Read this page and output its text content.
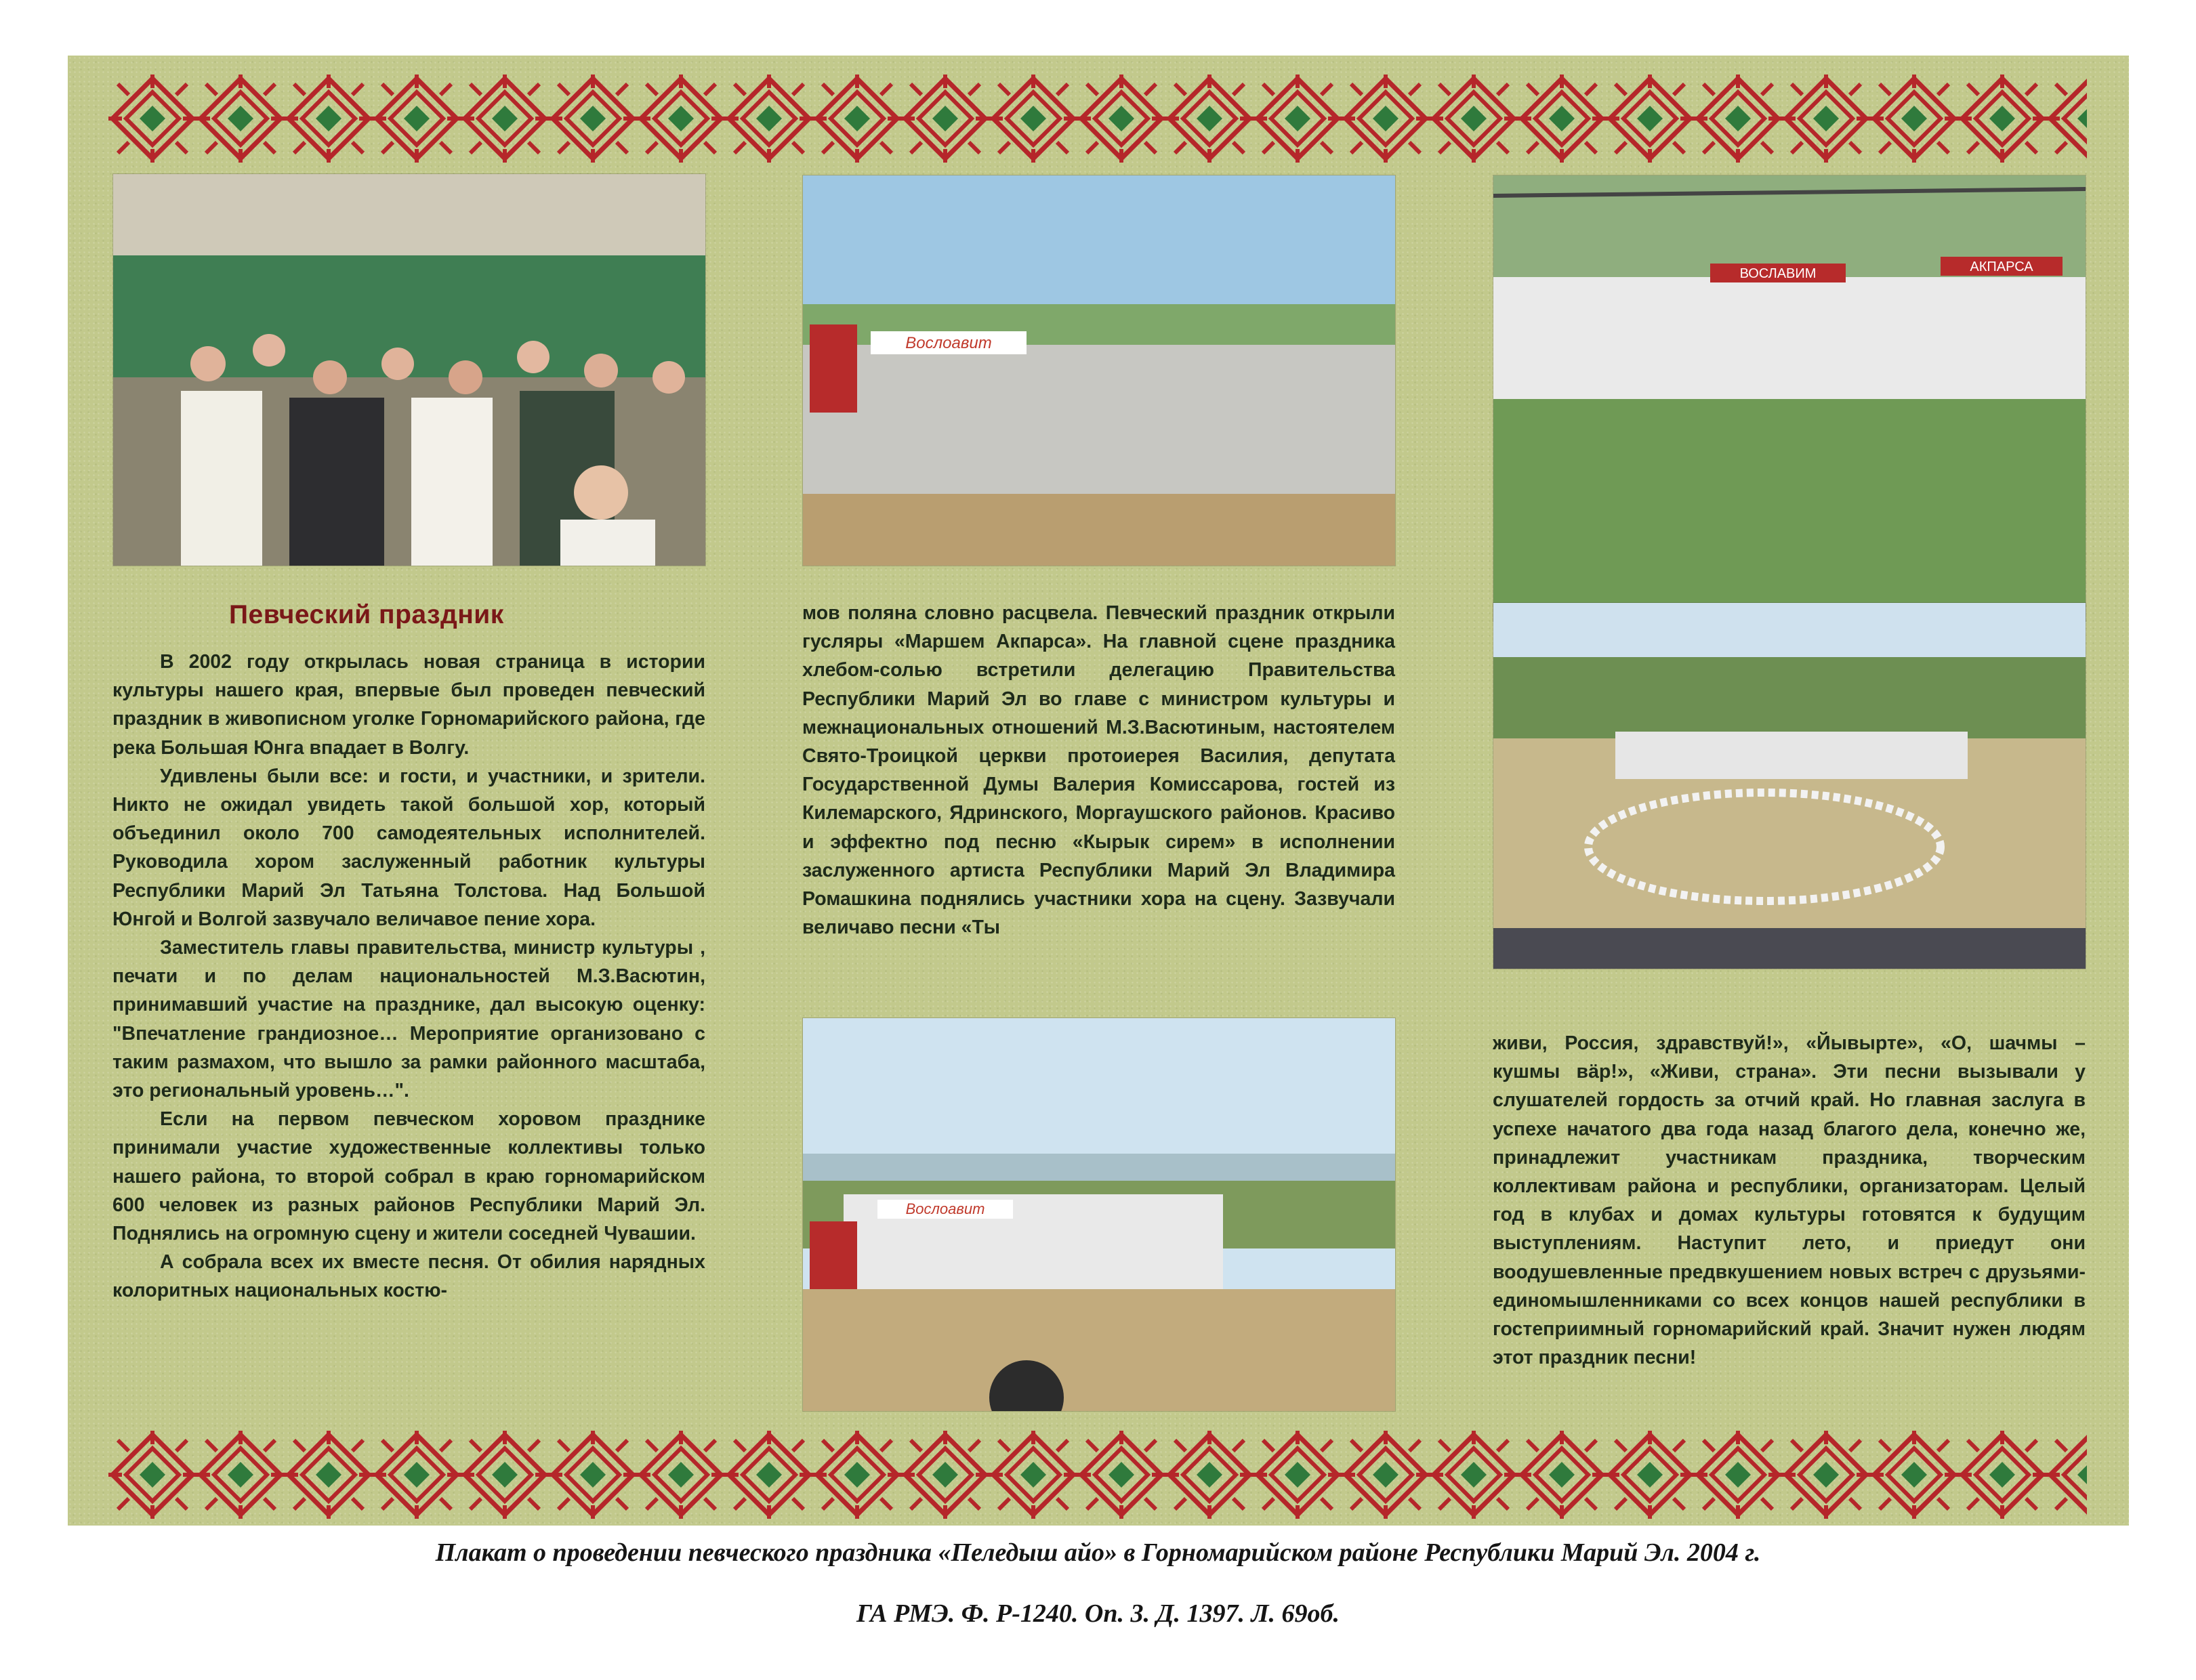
Вослоавит
ВОСЛАВИМ	АКПАРСА
Вослоавит
Певческий праздник

В 2002 году открылась новая страница в истории культуры нашего края, впервые был проведен певческий праздник в живописном уголке Горномарийского района, где река Большая Юнга впадает в Волгу.

Удивлены были все: и гости, и участники, и зрители. Никто не ожидал увидеть такой большой хор, который объединил около 700 самодеятельных исполнителей. Руководила хором заслуженный работник культуры Республики Марий Эл Татьяна Толстова. Над Большой Юнгой и Волгой зазвучало величавое пение хора.

Заместитель главы правительства, министр культуры , печати и по делам национальностей М.З.Васютин, принимавший участие на празднике, дал высокую оценку: "Впечатление грандиозное… Мероприятие организовано с таким размахом, что вышло за рамки районного масштаба, это региональный уровень…".

Если на первом певческом хоровом празднике принимали участие художественные коллективы только нашего района, то второй собрал в краю горномарийском 600 человек из разных районов Республики Марий Эл. Поднялись на огромную сцену и жители соседней Чувашии.

А собрала всех их вместе песня. От обилия нарядных колоритных национальных костю-

мов поляна словно расцвела. Певческий праздник открыли гусляры «Маршем Акпарса». На главной сцене праздника хлебом-солью встретили делегацию Правительства Республики Марий Эл во главе с министром культуры и межнациональных отношений М.З.Васютиным, настоятелем Свято-Троицкой церкви протоиерея Василия, депутата Государственной Думы Валерия Комиссарова, гостей из Килемарского, Ядринского, Моргаушского районов. Красиво и эффектно под песню «Кырык сирем» в исполнении заслуженного артиста Республики Марий Эл Владимира Ромашкина поднялись участники хора на сцену. Зазвучали величаво песни «Ты

живи, Россия, здравствуй!», «Йывырте», «О, шачмы – кушмы вäр!», «Живи, страна». Эти песни вызывали у слушателей гордость за отчий край. Но главная заслуга в успехе начатого два года назад благого дела, конечно же, принадлежит участникам праздника, творческим коллективам района и республики, организаторам. Целый год в клубах и домах культуры готовятся к будущим выступлениям. Наступит лето, и приедут они воодушевленные предвкушением новых встреч с друзьями-единомышленниками со всех концов нашей республики в гостеприимный горномарийский край. Значит нужен людям этот праздник песни!

Плакат о проведении певческого праздника «Пеледыш айо» в Горномарийском районе Республики Марий Эл. 2004 г.
ГА РМЭ. Ф. Р-1240. Оп. 3. Д. 1397. Л. 69об.
